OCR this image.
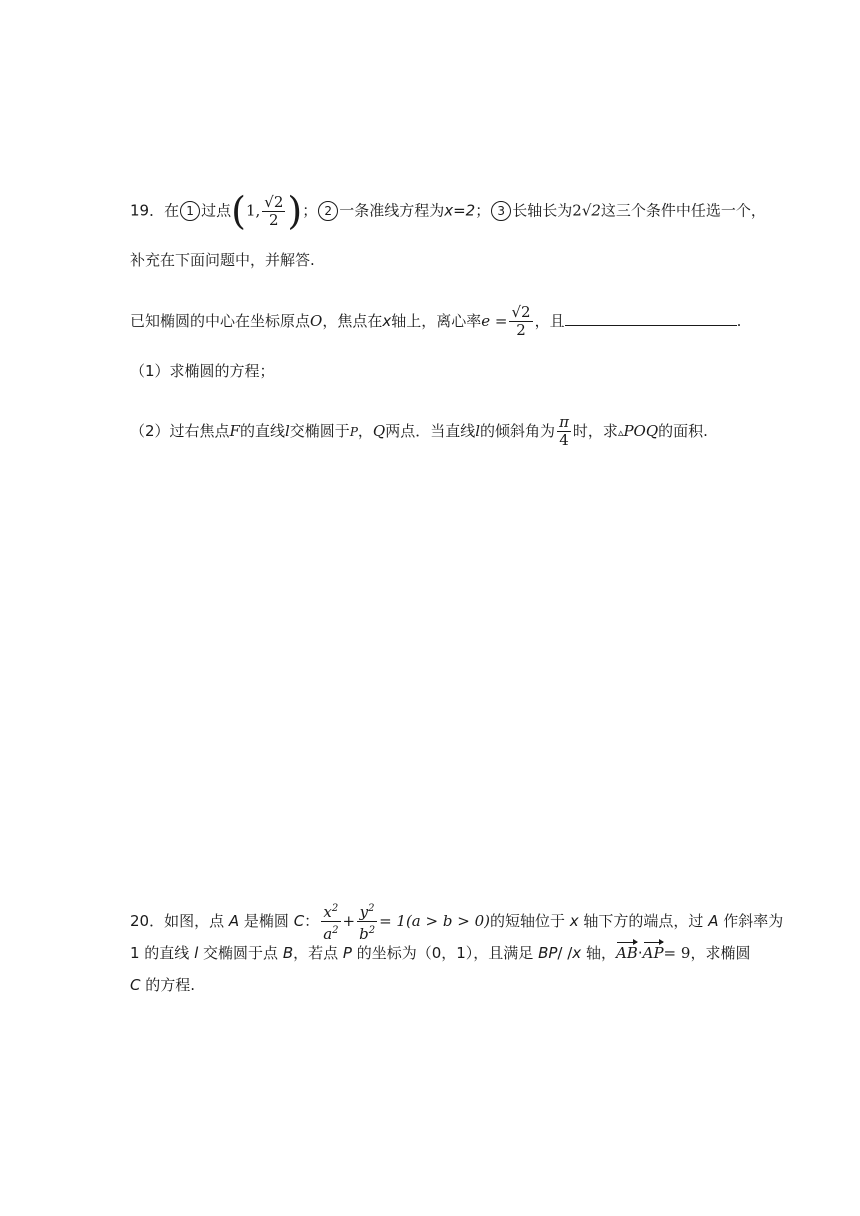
19．在 1 过点(1, $\frac{√2}{2}$ )； 2 一条准线方程为x=2； 3 长轴长为2√2这三个条件中任选一个，
补充在下面问题中，并解答.
已知椭圆的中心在坐标原点O，焦点在x轴上，离心率$e = \frac{√2}{2}$ ，且	.
（1）求椭圆的方程；
（2）过右焦点F的直线l交椭圆于P，Q两点．当直线l的倾斜角为 $\frac{\pi}{4}$ 时，求▵POQ的面积.
20．如图，点 A 是椭圆 C： $\frac{x^2}{a^2} + \frac{y^2}{b^2} = 1(a > b > 0)$的短轴位于 x 轴下方的端点，过 A 作斜率为
1 的直线 l 交椭圆于点 B，若点 P 的坐标为（0，1），且满足 BP/ /x 轴，AB·AP= 9，求椭圆
C 的方程.
